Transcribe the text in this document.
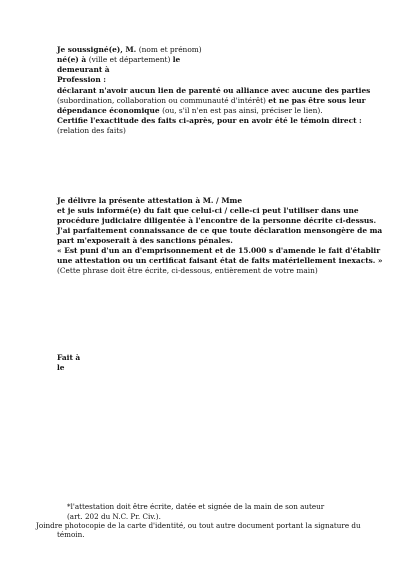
Je soussigné(e), M. (nom et prénom)
né(e) à (ville et département) le
demeurant à
Profession :
déclarant n'avoir aucun lien de parenté ou alliance avec aucune des parties
(subordination, collaboration ou communauté d'intérêt) et ne pas être sous leur
dépendance économique (ou, s'il n'en est pas ainsi, préciser le lien).
Certifie l'exactitude des faits ci-après, pour en avoir été le témoin direct :
(relation des faits)
Je délivre la présente attestation à M. / Mme
et je suis informé(e) du fait que celui-ci / celle-ci peut l'utiliser dans une
procédure judiciaire diligentée à l'encontre de la personne décrite ci-dessus.
J'ai parfaitement connaissance de ce que toute déclaration mensongère de ma
part m'exposerait à des sanctions pénales.
« Est puni d'un an d'emprisonnement et de 15.000 s d'amende le fait d'établir
une attestation ou un certificat faisant état de faits matériellement inexacts. »
(Cette phrase doit être écrite, ci-dessous, entièrement de votre main)
Fait à
le
*l'attestation doit être écrite, datée et signée de la main de son auteur
(art. 202 du N.C. Pr. Civ.).
Joindre photocopie de la carte d'identité, ou tout autre document portant la signature du
témoin.
